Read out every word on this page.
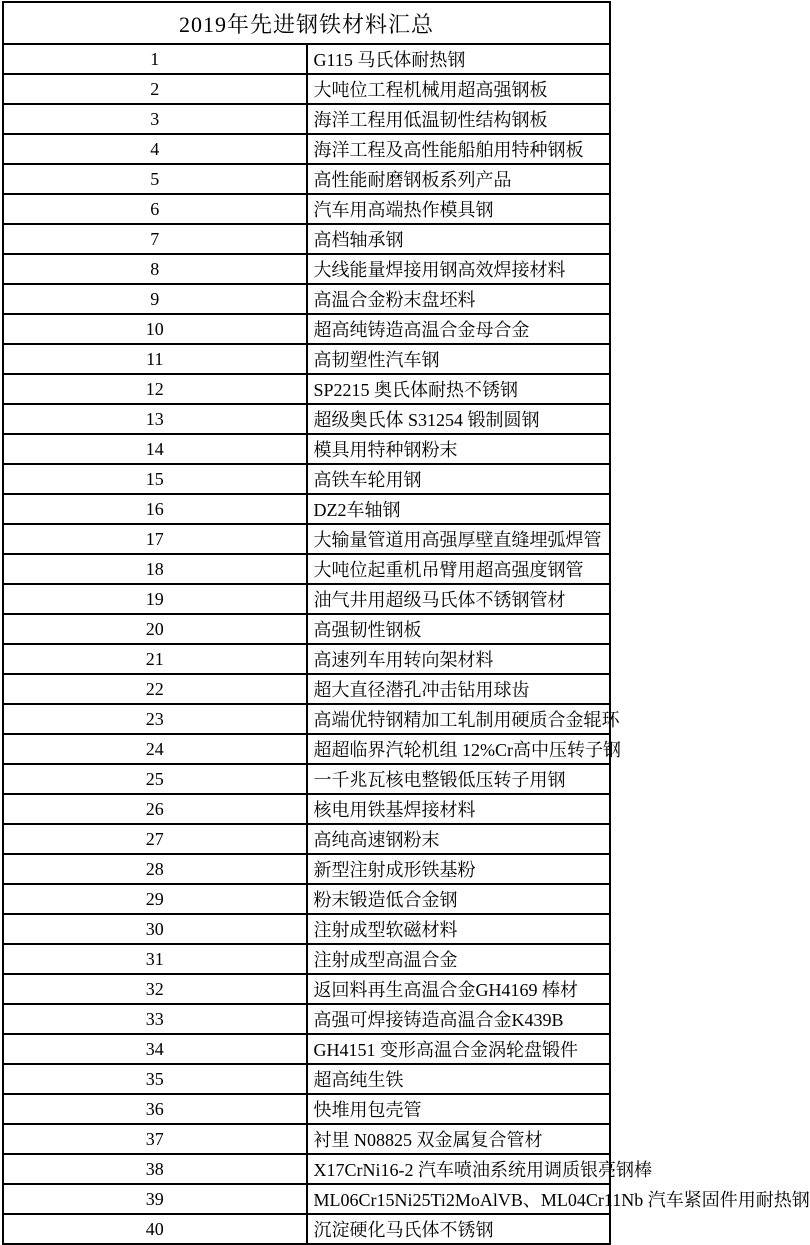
2019年先进钢铁材料汇总	
1	G115 马氏体耐热钢
2	大吨位工程机械用超高强钢板
3	海洋工程用低温韧性结构钢板
4	海洋工程及高性能船舶用特种钢板
5	高性能耐磨钢板系列产品
6	汽车用高端热作模具钢
7	高档轴承钢
8	大线能量焊接用钢高效焊接材料
9	高温合金粉末盘坯料
10	超高纯铸造高温合金母合金
11	高韧塑性汽车钢
12	SP2215 奥氏体耐热不锈钢
13	超级奥氏体 S31254 锻制圆钢
14	模具用特种钢粉末
15	高铁车轮用钢
16	DZ2车轴钢
17	大输量管道用高强厚壁直缝埋弧焊管
18	大吨位起重机吊臂用超高强度钢管
19	油气井用超级马氏体不锈钢管材
20	高强韧性钢板
21	高速列车用转向架材料
22	超大直径潜孔冲击钻用球齿
23	高端优特钢精加工轧制用硬质合金辊环
24	超超临界汽轮机组 12%Cr高中压转子钢
25	一千兆瓦核电整锻低压转子用钢
26	核电用铁基焊接材料
27	高纯高速钢粉末
28	新型注射成形铁基粉
29	粉末锻造低合金钢
30	注射成型软磁材料
31	注射成型高温合金
32	返回料再生高温合金GH4169 棒材
33	高强可焊接铸造高温合金K439B
34	GH4151 变形高温合金涡轮盘锻件
35	超高纯生铁
36	快堆用包壳管
37	衬里 N08825 双金属复合管材
38	X17CrNi16-2 汽车喷油系统用调质银亮钢棒
39	ML06Cr15Ni25Ti2MoAlVB、ML04Cr11Nb 汽车紧固件用耐热钢
40	沉淀硬化马氏体不锈钢
